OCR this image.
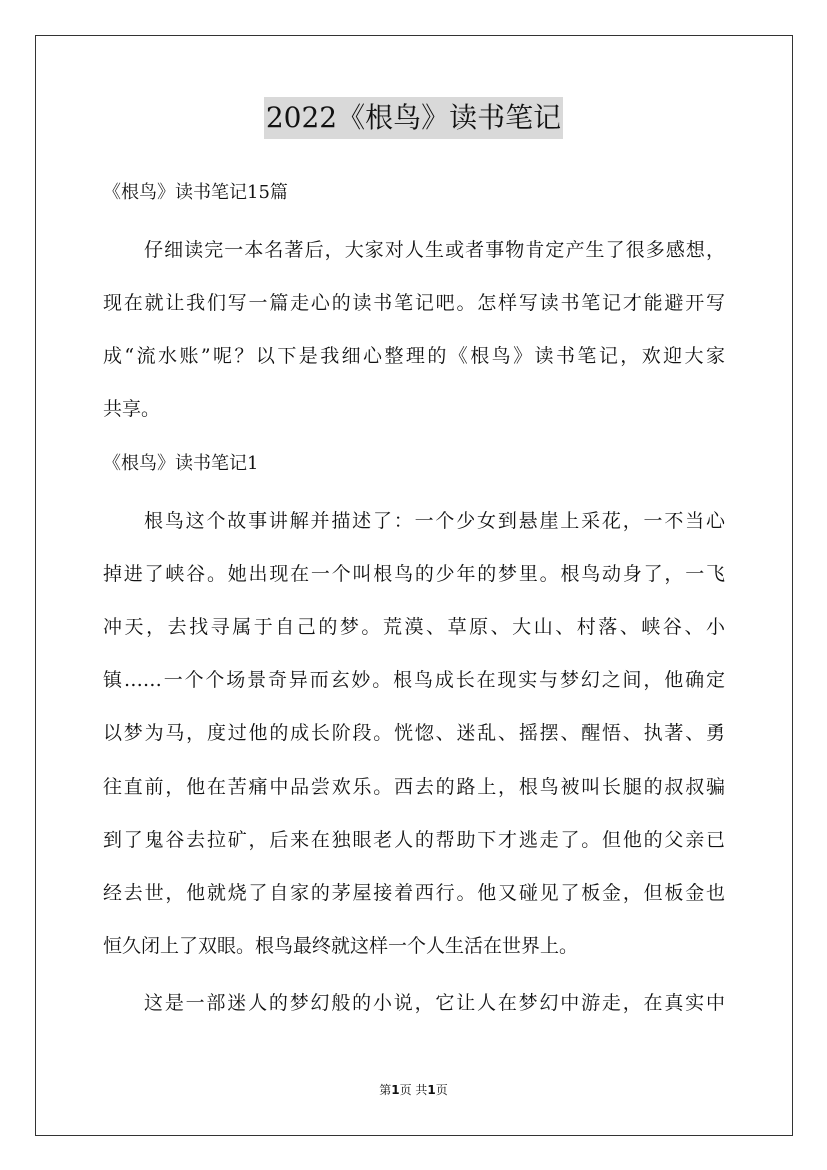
2022《根鸟》读书笔记
《根鸟》读书笔记15篇
仔细读完一本名著后，大家对人生或者事物肯定产生了很多感想，
现在就让我们写一篇走心的读书笔记吧。怎样写读书笔记才能避开写
成“流水账”呢？以下是我细心整理的《根鸟》读书笔记，欢迎大家
共享。
《根鸟》读书笔记1
根鸟这个故事讲解并描述了：一个少女到悬崖上采花，一不当心
掉进了峡谷。她出现在一个叫根鸟的少年的梦里。根鸟动身了，一飞
冲天，去找寻属于自己的梦。荒漠、草原、大山、村落、峡谷、小
镇……一个个场景奇异而玄妙。根鸟成长在现实与梦幻之间，他确定
以梦为马，度过他的成长阶段。恍惚、迷乱、摇摆、醒悟、执著、勇
往直前，他在苦痛中品尝欢乐。西去的路上，根鸟被叫长腿的叔叔骗
到了鬼谷去拉矿，后来在独眼老人的帮助下才逃走了。但他的父亲已
经去世，他就烧了自家的茅屋接着西行。他又碰见了板金，但板金也
恒久闭上了双眼。根鸟最终就这样一个人生活在世界上。
这是一部迷人的梦幻般的小说，它让人在梦幻中游走，在真实中
第1页 共1页
